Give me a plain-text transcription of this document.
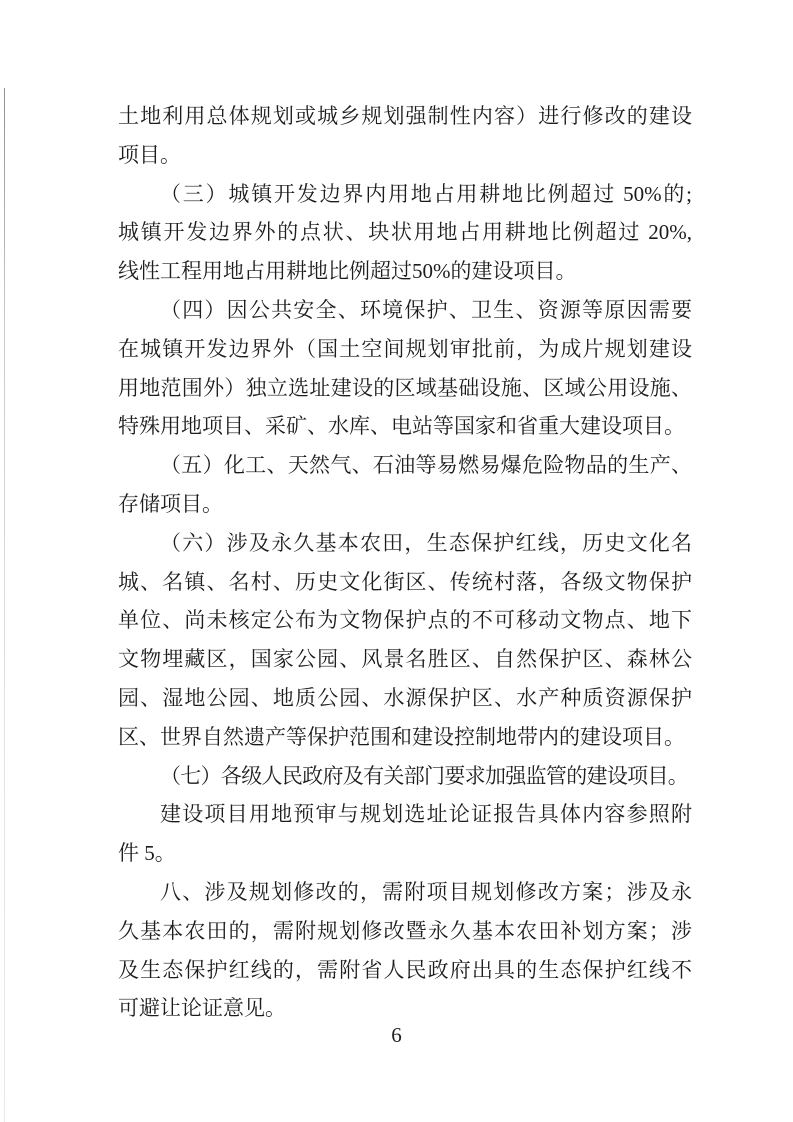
土地利用总体规划或城乡规划强制性内容）进行修改的建设
项目。
（三）城镇开发边界内用地占用耕地比例超过 50%的;
城镇开发边界外的点状、块状用地占用耕地比例超过 20%,
线性工程用地占用耕地比例超过50%的建设项目。
（四）因公共安全、环境保护、卫生、资源等原因需要
在城镇开发边界外（国土空间规划审批前，为成片规划建设
用地范围外）独立选址建设的区域基础设施、区域公用设施、
特殊用地项目、采矿、水库、电站等国家和省重大建设项目。
（五）化工、天然气、石油等易燃易爆危险物品的生产、
存储项目。
（六）涉及永久基本农田，生态保护红线，历史文化名
城、名镇、名村、历史文化街区、传统村落，各级文物保护
单位、尚未核定公布为文物保护点的不可移动文物点、地下
文物埋藏区，国家公园、风景名胜区、自然保护区、森林公
园、湿地公园、地质公园、水源保护区、水产种质资源保护
区、世界自然遗产等保护范围和建设控制地带内的建设项目。
（七）各级人民政府及有关部门要求加强监管的建设项目。
建设项目用地预审与规划选址论证报告具体内容参照附
件 5。
八、涉及规划修改的，需附项目规划修改方案；涉及永
久基本农田的，需附规划修改暨永久基本农田补划方案；涉
及生态保护红线的，需附省人民政府出具的生态保护红线不
可避让论证意见。
6
